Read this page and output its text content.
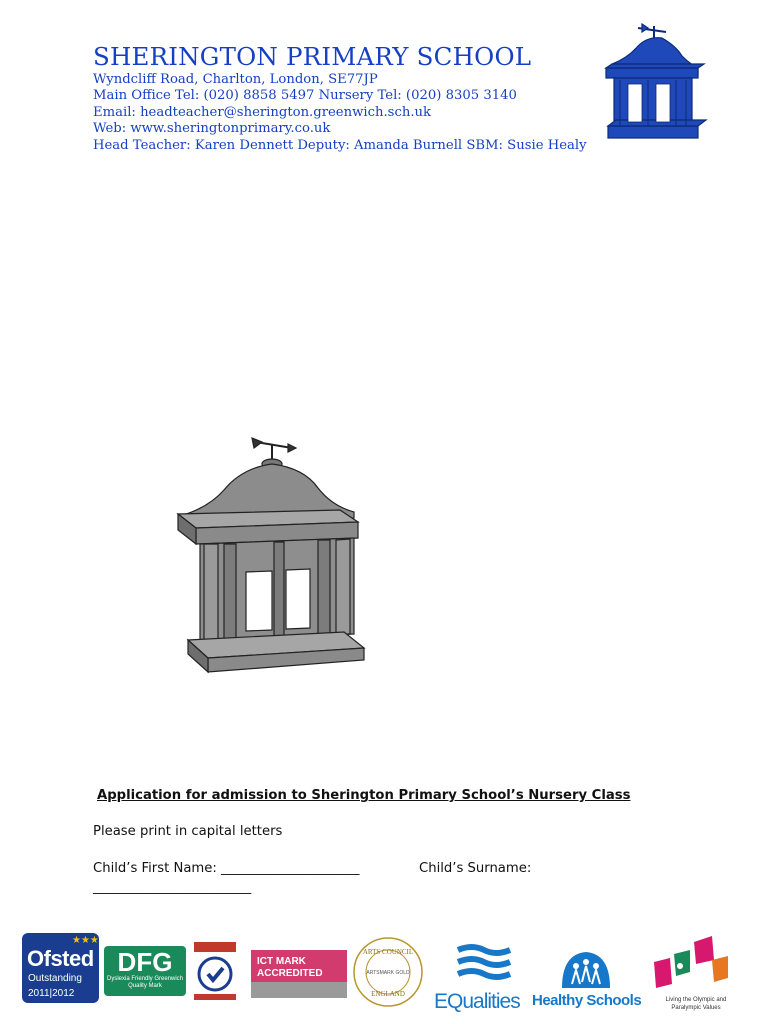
SHERINGTON PRIMARY SCHOOL
Wyndcliff Road, Charlton, London, SE77JP
Main Office Tel: (020) 8858 5497 Nursery Tel: (020) 8305 3140
Email: headteacher@sherington.greenwich.sch.uk
Web: www.sheringtonprimary.co.uk
Head Teacher: Karen Dennett Deputy: Amanda Burnell SBM: Susie Healy
Application for admission to Sherington Primary School’s Nursery Class
Please print in capital letters
Child’s First Name: _____________________	Child’s Surname:
________________________
★★★
Ofsted
Outstanding
2011|2012
DFG
Dyslexia Friendly Greenwich Quality Mark
ICT MARK
ACCREDITED
ARTS COUNCIL
ARTSMARK GOLD
ENGLAND EQualities Healthy Schools	Living the Olympic and Paralympic Values
